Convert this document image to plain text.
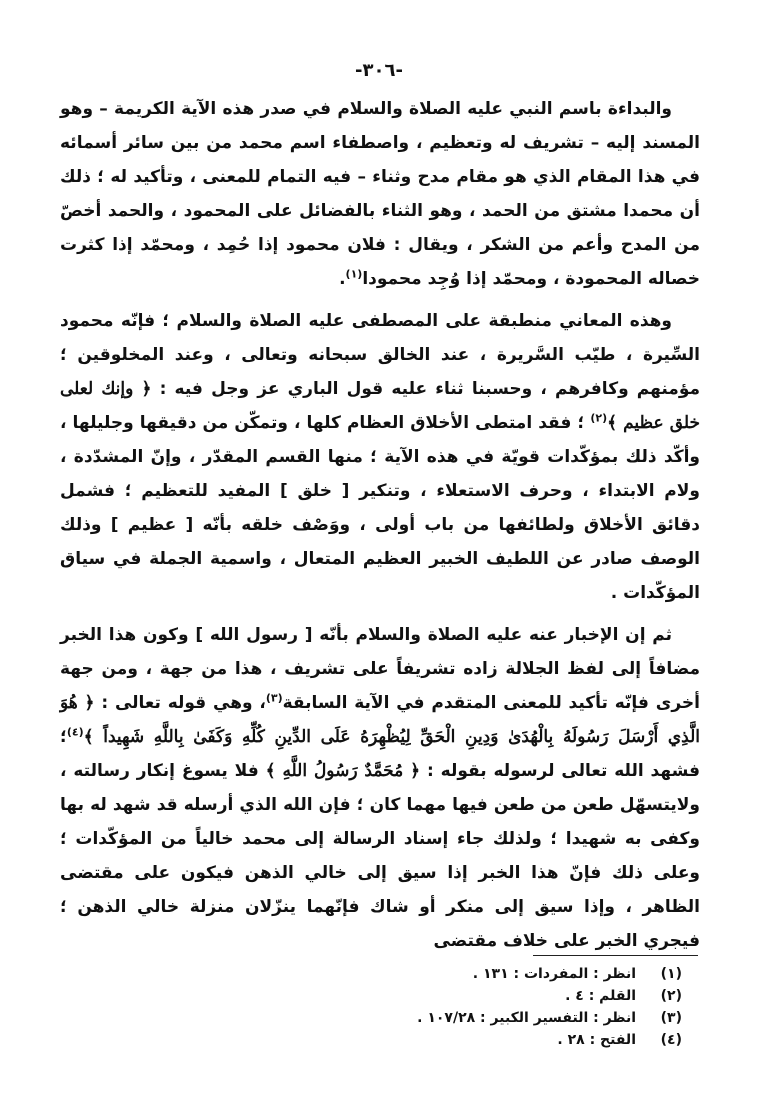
-٣٠٦-

والبداءة باسم النبي عليه الصلاة والسلام في صدر هذه الآية الكريمة – وهو المسند إليه – تشريف له وتعظيم ، واصطفاء اسم محمد من بين سائر أسمائه في هذا المقام الذي هو مقام مدح وثناء – فيه التمام للمعنى ، وتأكيد له ؛ ذلك أن محمدا مشتق من الحمد ، وهو الثناء بالفضائل على المحمود ، والحمد أخصّ من المدح وأعم من الشكر ، ويقال : فلان محمود إذا حُمِد ، ومحمّد إذا كثرت خصاله المحمودة ، ومحمّد إذا وُجِد محمودا$^{(١)}$.

وهذه المعاني منطبقة على المصطفى عليه الصلاة والسلام ؛ فإنّه محمود السِّيرة ، طيّب السَّريرة ، عند الخالق سبحانه وتعالى ، وعند المخلوقين ؛ مؤمنهم وكافرهم ، وحسبنا ثناء عليه قول الباري عز وجل فيه : ﴿ وإنك لعلى خلق عظيم ﴾$^{(٢)}$ ؛ فقد امتطى الأخلاق العظام كلها ، وتمكّن من دقيقها وجليلها ، وأكّد ذلك بمؤكّدات قويّة في هذه الآية ؛ منها القسم المقدّر ، وإنّ المشدّدة ، ولام الابتداء ، وحرف الاستعلاء ، وتنكير [ خلق ] المفيد للتعظيم ؛ فشمل دقائق الأخلاق ولطائفها من باب أولى ، ووَصْف خلقه بأنّه [ عظيم ] وذلك الوصف صادر عن اللطيف الخبير العظيم المتعال ، واسمية الجملة في سياق المؤكّدات .

ثم إن الإخبار عنه عليه الصلاة والسلام بأنّه [ رسول الله ] وكون هذا الخبر مضافاً إلى لفظ الجلالة زاده تشريفاً على تشريف ، هذا من جهة ، ومن جهة أخرى فإنّه تأكيد للمعنى المتقدم في الآية السابقة$^{(٣)}$، وهي قوله تعالى : ﴿ هُوَ الَّذِي أَرْسَلَ رَسُولَهُ بِالْهُدَىٰ وَدِينِ الْحَقِّ لِيُظْهِرَهُ عَلَى الدِّينِ كُلِّهِ وَكَفَىٰ بِاللَّهِ شَهِيداً ﴾$^{(٤)}$؛ فشهد الله تعالى لرسوله بقوله : ﴿ مُحَمَّدٌ رَسُولُ اللَّهِ ﴾ فلا يسوغ إنكار رسالته ، ولايتسهّل طعن من طعن فيها مهما كان ؛ فإن الله الذي أرسله قد شهد له بها وكفى به شهيدا ؛ ولذلك جاء إسناد الرسالة إلى محمد خالياً من المؤكّدات ؛ وعلى ذلك فإنّ هذا الخبر إذا سيق إلى خالي الذهن فيكون على مقتضى الظاهر ، وإذا سيق إلى منكر أو شاك فإنّهما ينزّلان منزلة خالي الذهن ؛ فيجري الخبر على خلاف مقتضى

(١)
انظر : المفردات : ١٣١ .
(٢)
القلم : ٤ .
(٣)
انظر : التفسير الكبير : ١٠٧/٢٨ .
(٤)
الفتح : ٢٨ .
